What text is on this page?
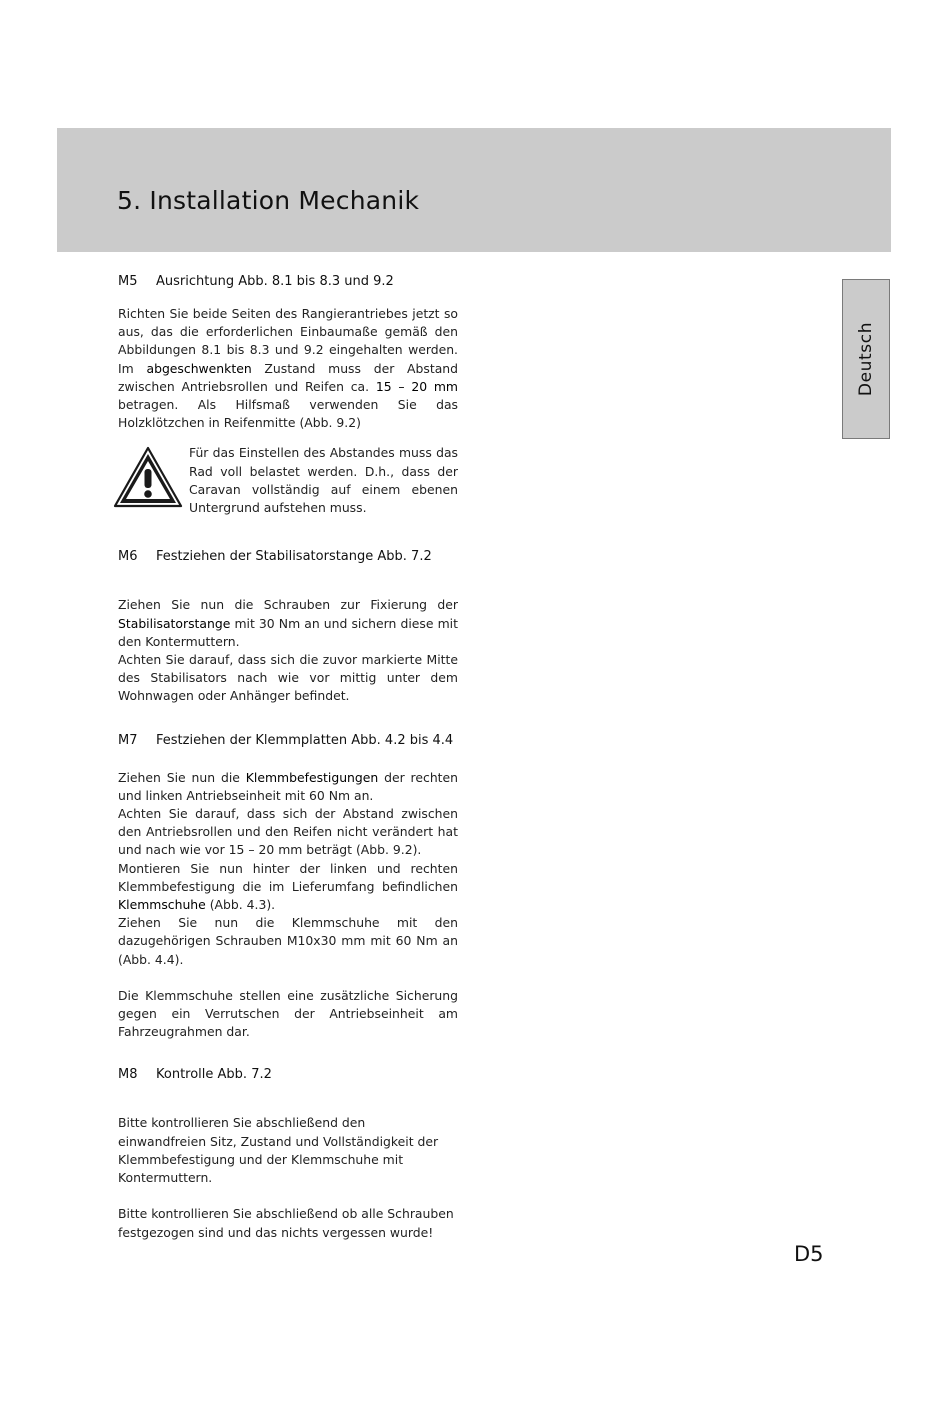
5. Installation Mechanik
Deutsch
M5 Ausrichtung Abb. 8.1 bis 8.3 und 9.2

Richten Sie beide Seiten des Rangierantriebes jetzt so aus, das die erforderlichen Einbaumaße gemäß den Abbildungen 8.1 bis 8.3 und 9.2 eingehalten werden. Im abgeschwenkten Zustand muss der Abstand zwischen Antriebsrollen und Reifen ca. 15 – 20 mm betragen. Als Hilfsmaß verwenden Sie das Holzklötzchen in Reifenmitte (Abb. 9.2)

Für das Einstellen des Abstandes muss das Rad voll belastet werden. D.h., dass der Caravan vollständig auf einem ebenen Untergrund aufstehen muss.

M6 Festziehen der Stabilisatorstange Abb. 7.2

Ziehen Sie nun die Schrauben zur Fixierung der Stabilisatorstange mit 30 Nm an und sichern diese mit den Kontermuttern.

Achten Sie darauf, dass sich die zuvor markierte Mitte des Stabilisators nach wie vor mittig unter dem Wohnwagen oder Anhänger befindet.

M7 Festziehen der Klemmplatten Abb. 4.2 bis 4.4

Ziehen Sie nun die Klemmbefestigungen der rechten und linken Antriebseinheit mit 60 Nm an.

Achten Sie darauf, dass sich der Abstand zwischen den Antriebsrollen und den Reifen nicht verändert hat und nach wie vor 15 – 20 mm beträgt (Abb. 9.2).

Montieren Sie nun hinter der linken und rechten Klemmbefestigung die im Lieferumfang befindlichen Klemmschuhe (Abb. 4.3).

Ziehen Sie nun die Klemmschuhe mit den dazugehörigen Schrauben M10x30 mm mit 60 Nm an (Abb. 4.4).

Die Klemmschuhe stellen eine zusätzliche Sicherung gegen ein Verrutschen der Antriebseinheit am Fahrzeugrahmen dar.

M8 Kontrolle Abb. 7.2

Bitte kontrollieren Sie abschließend den einwandfreien Sitz, Zustand und Vollständigkeit der Klemmbefestigung und der Klemmschuhe mit Kontermuttern.

Bitte kontrollieren Sie abschließend ob alle Schrauben festgezogen sind und das nichts vergessen wurde!

D5
